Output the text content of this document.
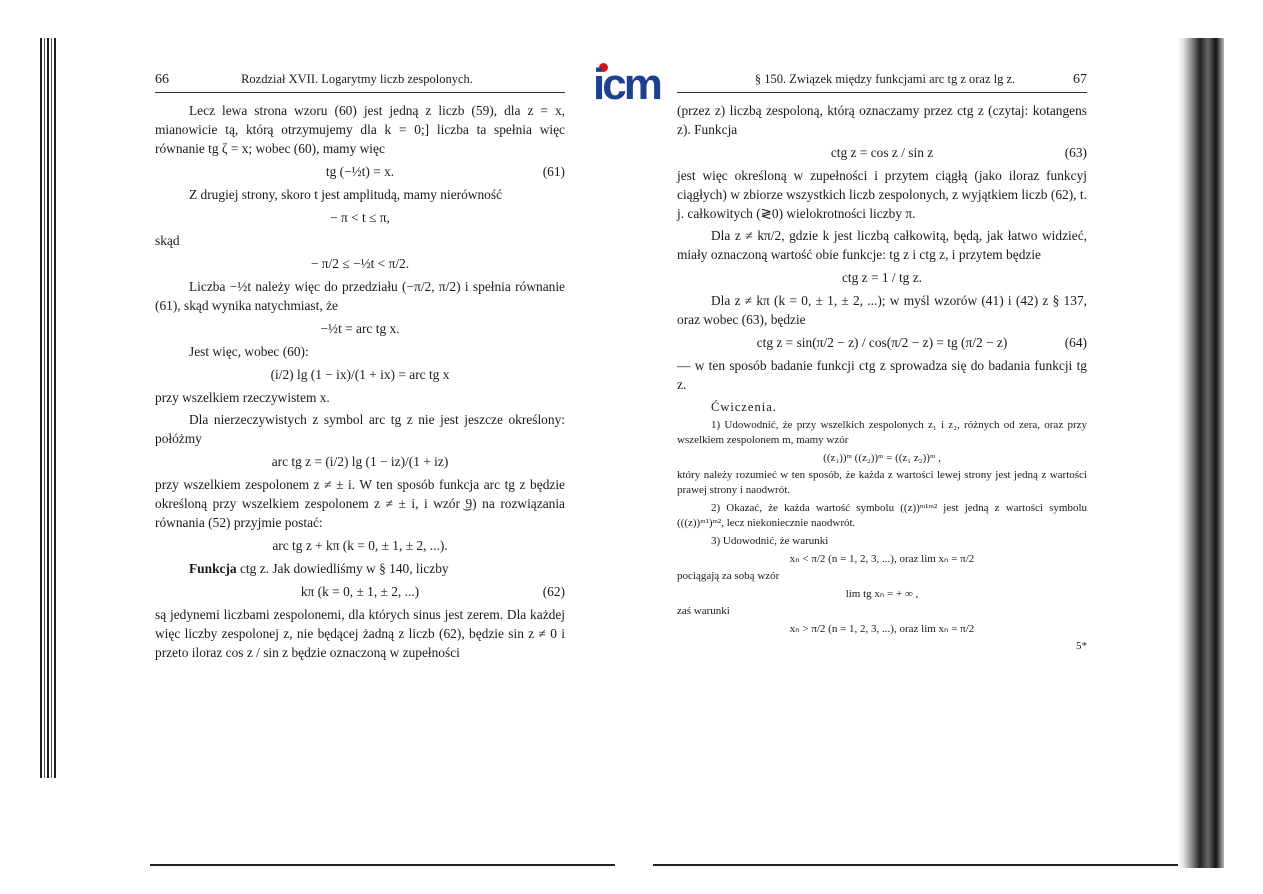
icm
66	Rozdział XVII. Logarytmy liczb zespolonych.

Lecz lewa strona wzoru (60) jest jedną z liczb (59), dla z = x, mianowicie tą, którą otrzymujemy dla k = 0;] liczba ta spełnia więc równanie tg ζ = x; wobec (60), mamy więc

tg (−½t) = x.	(61)

Z drugiej strony, skoro t jest amplitudą, mamy nierówność

− π < t ≤ π,

skąd

− π/2 ≤ −½t < π/2.

Liczba −½t należy więc do przedziału (−π/2, π/2) i spełnia równanie (61), skąd wynika natychmiast, że

−½t = arc tg x.

Jest więc, wobec (60):

(i/2) lg (1 − ix)/(1 + ix) = arc tg x

przy wszelkiem rzeczywistem x.

Dla nierzeczywistych z symbol arc tg z nie jest jeszcze określony: połóżmy

arc tg z = (i/2) lg (1 − iz)/(1 + iz)

przy wszelkiem zespolonem z ≠ ± i. W ten sposób funkcja arc tg z będzie określoną przy wszelkiem zespolonem z ≠ ± i, i wzór ͜9) na rozwiązania równania (52) przyjmie postać:

arc tg z + kπ (k = 0, ± 1, ± 2, ...).

Funkcja ctg z. Jak dowiedliśmy w § 140, liczby

kπ (k = 0, ± 1, ± 2, ...)	(62)

są jedynemi liczbami zespolonemi, dla których sinus jest zerem. Dla każdej więc liczby zespolonej z, nie będącej żadną z liczb (62), będzie sin z ≠ 0 i przeto iloraz cos z / sin z będzie oznaczoną w zupełności

§ 150. Związek między funkcjami arc tg z oraz lg z.	67

(przez z) liczbą zespoloną, którą oznaczamy przez ctg z (czytaj: kotangens z). Funkcja

ctg z = cos z / sin z	(63)

jest więc określoną w zupełności i przytem ciągłą (jako iloraz funkcyj ciągłych) w zbiorze wszystkich liczb zespolonych, z wyjątkiem liczb (62), t. j. całkowitych (≷0) wielokrotności liczby π.

Dla z ≠ kπ/2, gdzie k jest liczbą całkowitą, będą, jak łatwo widzieć, miały oznaczoną wartość obie funkcje: tg z i ctg z, i przytem będzie

ctg z = 1 / tg z.

Dla z ≠ kπ (k = 0, ± 1, ± 2, ...); w myśl wzorów (41) i (42) z § 137, oraz wobec (63), będzie

ctg z = sin(π/2 − z) / cos(π/2 − z) = tg (π/2 − z)	(64)

— w ten sposób badanie funkcji ctg z sprowadza się do badania funkcji tg z.

Ćwiczenia.

1) Udowodnić, że przy wszelkich zespolonych z₁ i z₂, różnych od zera, oraz przy wszelkiem zespolonem m, mamy wzór

((z₁))ᵐ ((z₂))ᵐ = ((z₁ z₂))ᵐ ,

który należy rozumieć w ten sposób, że każda z wartości lewej strony jest jedną z wartości prawej strony i naodwrót.

2) Okazać, że każda wartość symbolu ((z))ᵐ¹ᵐ² jest jedną z wartości symbolu (((z))ᵐ¹)ᵐ², lecz niekoniecznie naodwrót.

3) Udowodnić, że warunki

xₙ < π/2 (n = 1, 2, 3, ...), oraz lim xₙ = π/2

pociągają za sobą wzór

lim tg xₙ = + ∞ ,

zaś warunki

xₙ > π/2 (n = 1, 2, 3, ...), oraz lim xₙ = π/2
5*
